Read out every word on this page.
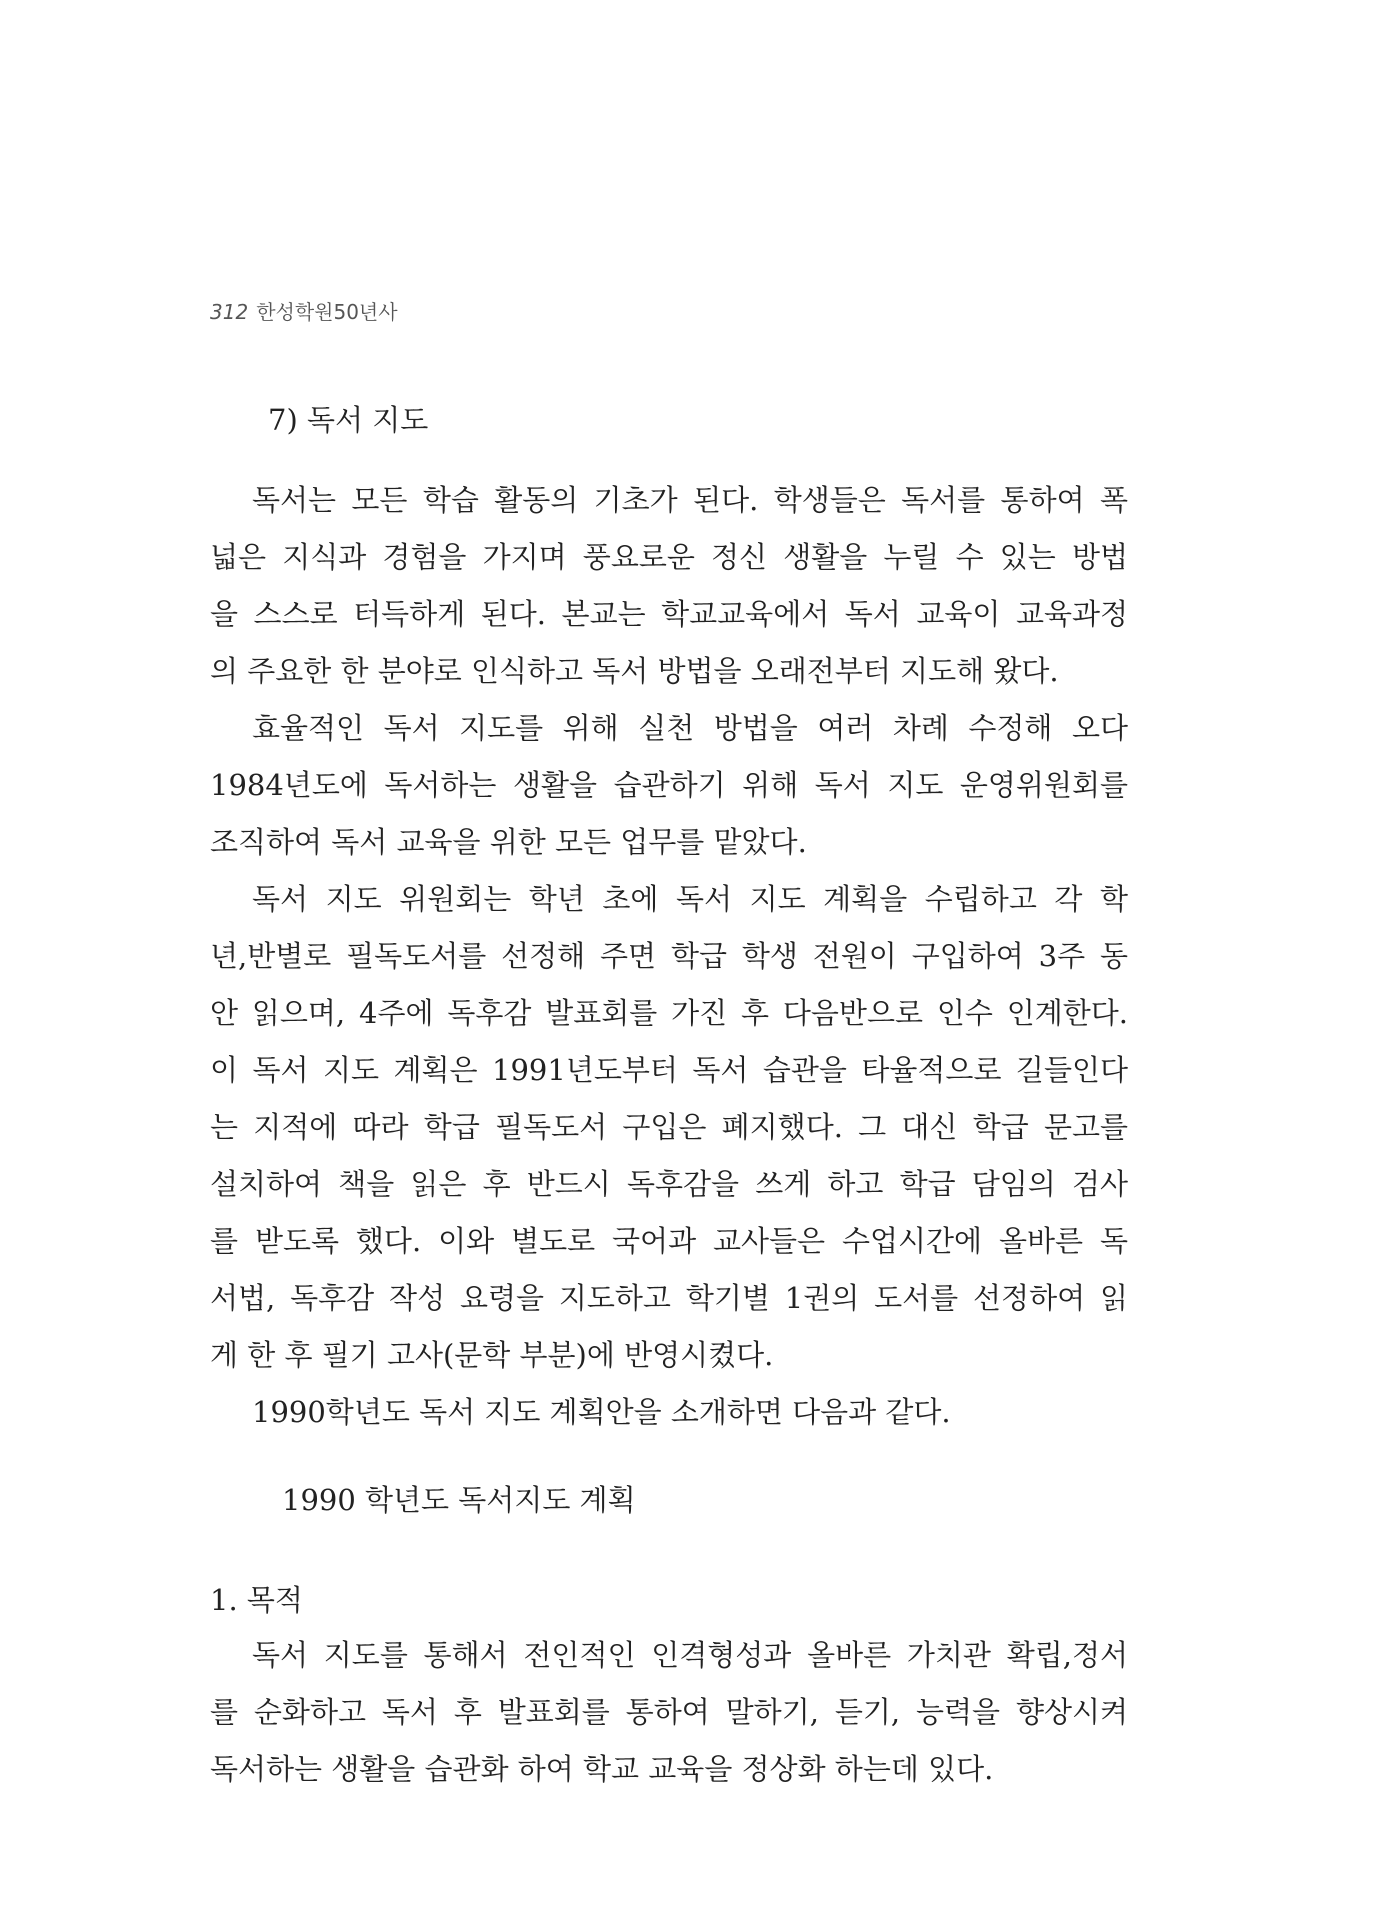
312 한성학원50년사
7) 독서 지도
독서는 모든 학습 활동의 기초가 된다. 학생들은 독서를 통하여 폭
넓은 지식과 경험을 가지며 풍요로운 정신 생활을 누릴 수 있는 방법
을 스스로 터득하게 된다. 본교는 학교교육에서 독서 교육이 교육과정
의 주요한 한 분야로 인식하고 독서 방법을 오래전부터 지도해 왔다.
효율적인 독서 지도를 위해 실천 방법을 여러 차례 수정해 오다
1984년도에 독서하는 생활을 습관하기 위해 독서 지도 운영위원회를
조직하여 독서 교육을 위한 모든 업무를 맡았다.
독서 지도 위원회는 학년 초에 독서 지도 계획을 수립하고 각 학
년,반별로 필독도서를 선정해 주면 학급 학생 전원이 구입하여 3주 동
안 읽으며, 4주에 독후감 발표회를 가진 후 다음반으로 인수 인계한다.
이 독서 지도 계획은 1991년도부터 독서 습관을 타율적으로 길들인다
는 지적에 따라 학급 필독도서 구입은 폐지했다. 그 대신 학급 문고를
설치하여 책을 읽은 후 반드시 독후감을 쓰게 하고 학급 담임의 검사
를 받도록 했다. 이와 별도로 국어과 교사들은 수업시간에 올바른 독
서법, 독후감 작성 요령을 지도하고 학기별 1권의 도서를 선정하여 읽
게 한 후 필기 고사(문학 부분)에 반영시켰다.
1990학년도 독서 지도 계획안을 소개하면 다음과 같다.
1990 학년도 독서지도 계획
1. 목적
독서 지도를 통해서 전인적인 인격형성과 올바른 가치관 확립,정서
를 순화하고 독서 후 발표회를 통하여 말하기, 듣기, 능력을 향상시켜
독서하는 생활을 습관화 하여 학교 교육을 정상화 하는데 있다.
